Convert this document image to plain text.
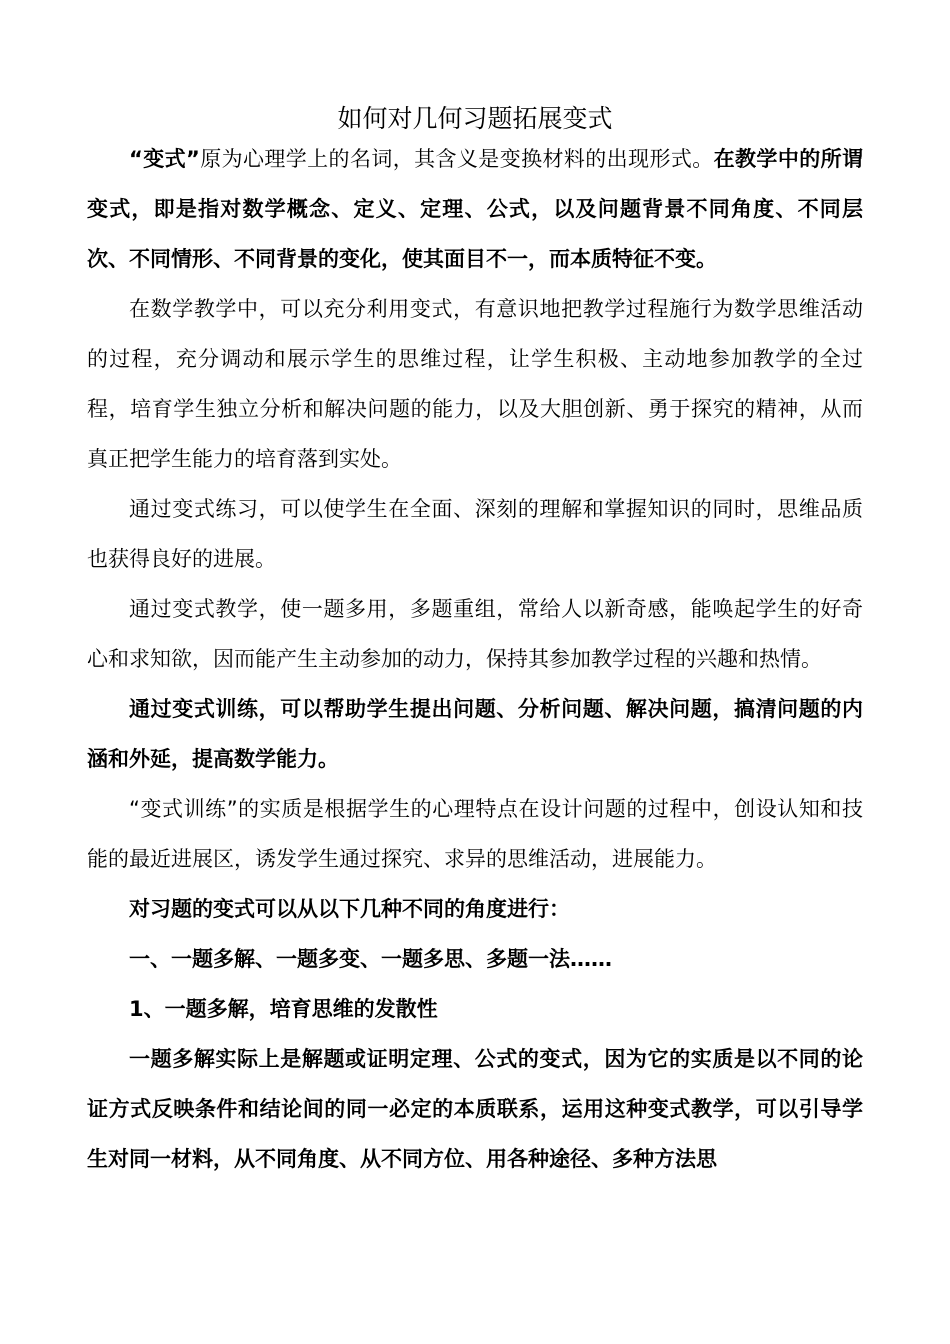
如何对几何习题拓展变式

“变式”原为心理学上的名词，其含义是变换材料的出现形式。在教学中的所谓变式，即是指对数学概念、定义、定理、公式，以及问题背景不同角度、不同层次、不同情形、不同背景的变化，使其面目不一，而本质特征不变。

在数学教学中，可以充分利用变式，有意识地把教学过程施行为数学思维活动的过程，充分调动和展示学生的思维过程，让学生积极、主动地参加教学的全过程，培育学生独立分析和解决问题的能力，以及大胆创新、勇于探究的精神，从而真正把学生能力的培育落到实处。

通过变式练习，可以使学生在全面、深刻的理解和掌握知识的同时，思维品质也获得良好的进展。

通过变式教学，使一题多用，多题重组，常给人以新奇感，能唤起学生的好奇心和求知欲，因而能产生主动参加的动力，保持其参加教学过程的兴趣和热情。

通过变式训练，可以帮助学生提出问题、分析问题、解决问题，搞清问题的内涵和外延，提高数学能力。

“变式训练”的实质是根据学生的心理特点在设计问题的过程中，创设认知和技能的最近进展区，诱发学生通过探究、求异的思维活动，进展能力。

对习题的变式可以从以下几种不同的角度进行：

一、一题多解、一题多变、一题多思、多题一法……

1、一题多解，培育思维的发散性

一题多解实际上是解题或证明定理、公式的变式，因为它的实质是以不同的论证方式反映条件和结论间的同一必定的本质联系，运用这种变式教学，可以引导学生对同一材料，从不同角度、从不同方位、用各种途径、多种方法思
